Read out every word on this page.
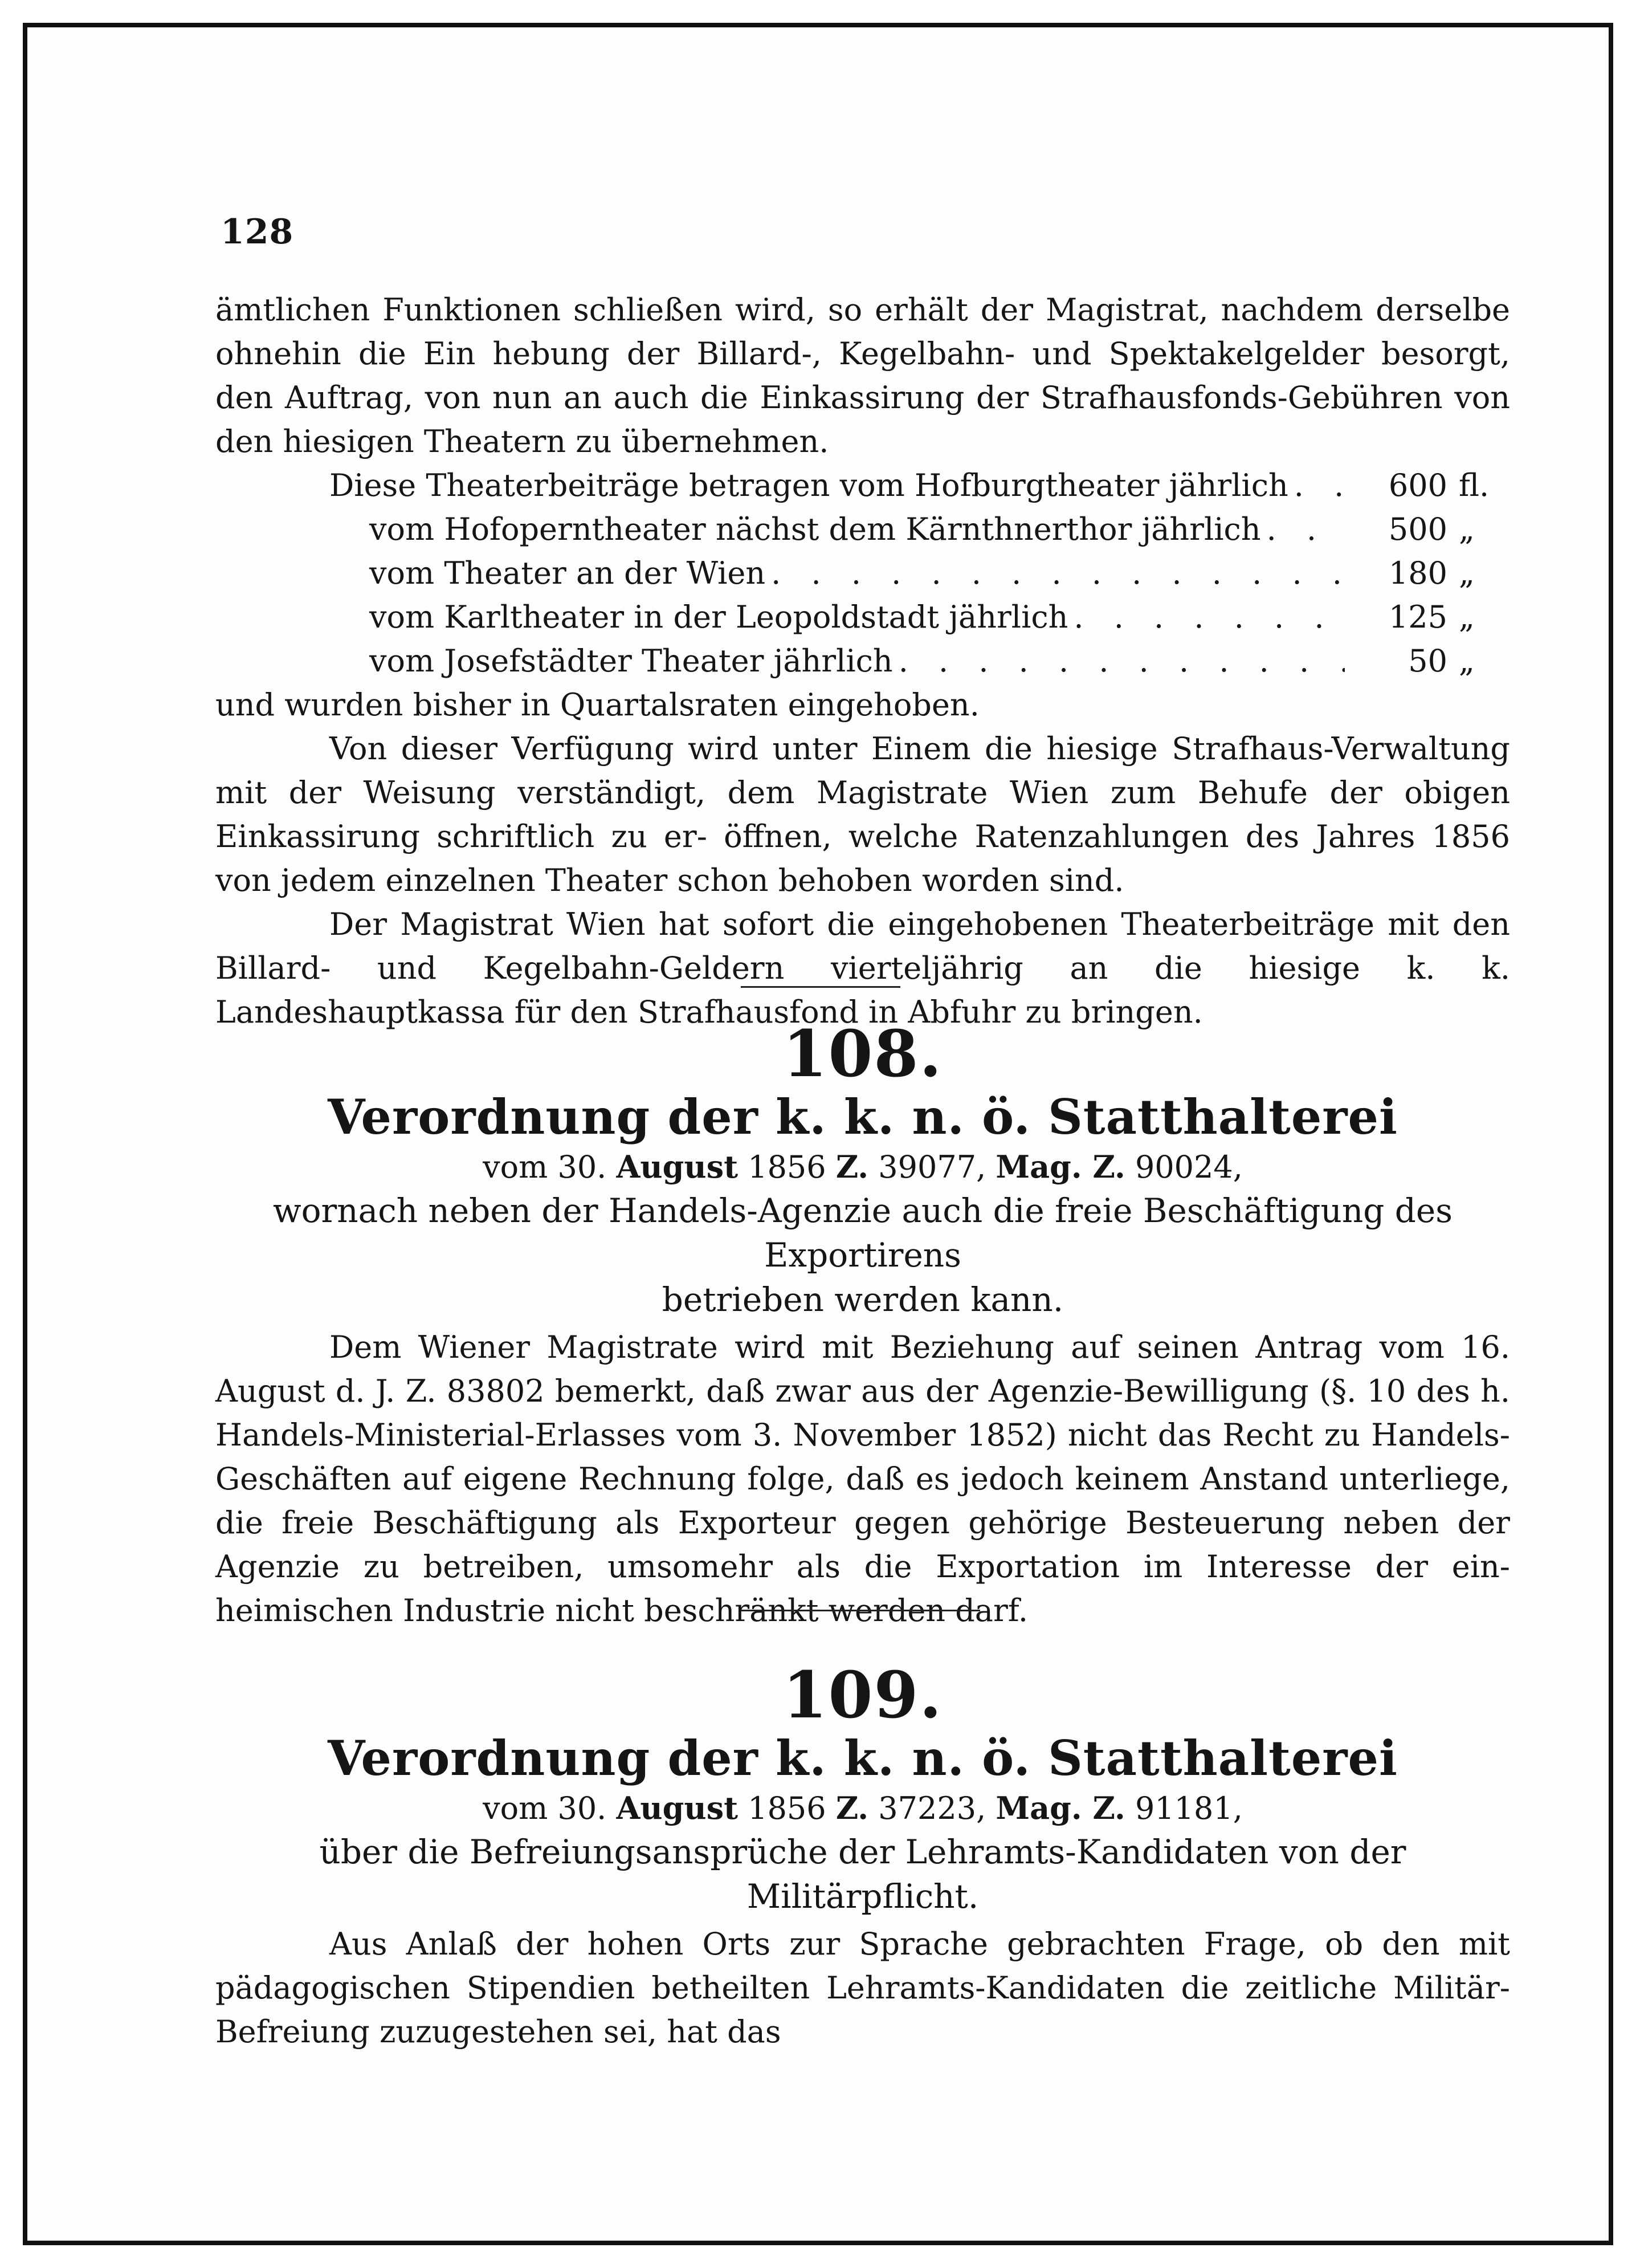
128

ämtlichen Funktionen schließen wird, so erhält der Magistrat, nachdem derselbe ohnehin die Ein hebung der Billard-, Kegelbahn- und Spektakelgelder besorgt, den Auftrag, von nun an auch die Einkassirung der Strafhausfonds-Gebühren von den hiesigen Theatern zu übernehmen.

Diese Theaterbeiträge betragen vom Hofburgtheater jährlich . . .	600 fl.
vom Hofoperntheater nächst dem Kärnthnerthor jährlich . . .	500 „
vom Theater an der Wien . . .	180 „
vom Karltheater in der Leopoldstadt jährlich . . .	125 „
vom Josefstädter Theater jährlich . . .	50 „

und wurden bisher in Quartalsraten eingehoben.

Von dieser Verfügung wird unter Einem die hiesige Strafhaus-Verwaltung mit der Weisung verständigt, dem Magistrate Wien zum Behufe der obigen Einkassirung schriftlich zu er- öffnen, welche Ratenzahlungen des Jahres 1856 von jedem einzelnen Theater schon behoben worden sind.

Der Magistrat Wien hat sofort die eingehobenen Theaterbeiträge mit den Billard- und Kegelbahn-Geldern vierteljährig an die hiesige k. k. Landeshauptkassa für den Strafhausfond in Abfuhr zu bringen.

108.
Verordnung der k. k. n. ö. Statthalterei
vom 30. August 1856 Z. 39077, Mag. Z. 90024,
wornach neben der Handels-Agenzie auch die freie Beschäftigung des Exportirens
betrieben werden kann.

Dem Wiener Magistrate wird mit Beziehung auf seinen Antrag vom 16. August d. J. Z. 83802 bemerkt, daß zwar aus der Agenzie-Bewilligung (§. 10 des h. Handels-Ministerial-Erlasses vom 3. November 1852) nicht das Recht zu Handels-Geschäften auf eigene Rechnung folge, daß es jedoch keinem Anstand unterliege, die freie Beschäftigung als Exporteur gegen gehörige Besteuerung neben der Agenzie zu betreiben, umsomehr als die Exportation im Interesse der ein- heimischen Industrie nicht beschränkt werden darf.

109.
Verordnung der k. k. n. ö. Statthalterei
vom 30. August 1856 Z. 37223, Mag. Z. 91181,
über die Befreiungsansprüche der Lehramts-Kandidaten von der Militärpflicht.

Aus Anlaß der hohen Orts zur Sprache gebrachten Frage, ob den mit pädagogischen Stipendien betheilten Lehramts-Kandidaten die zeitliche Militär-Befreiung zuzugestehen sei, hat das
